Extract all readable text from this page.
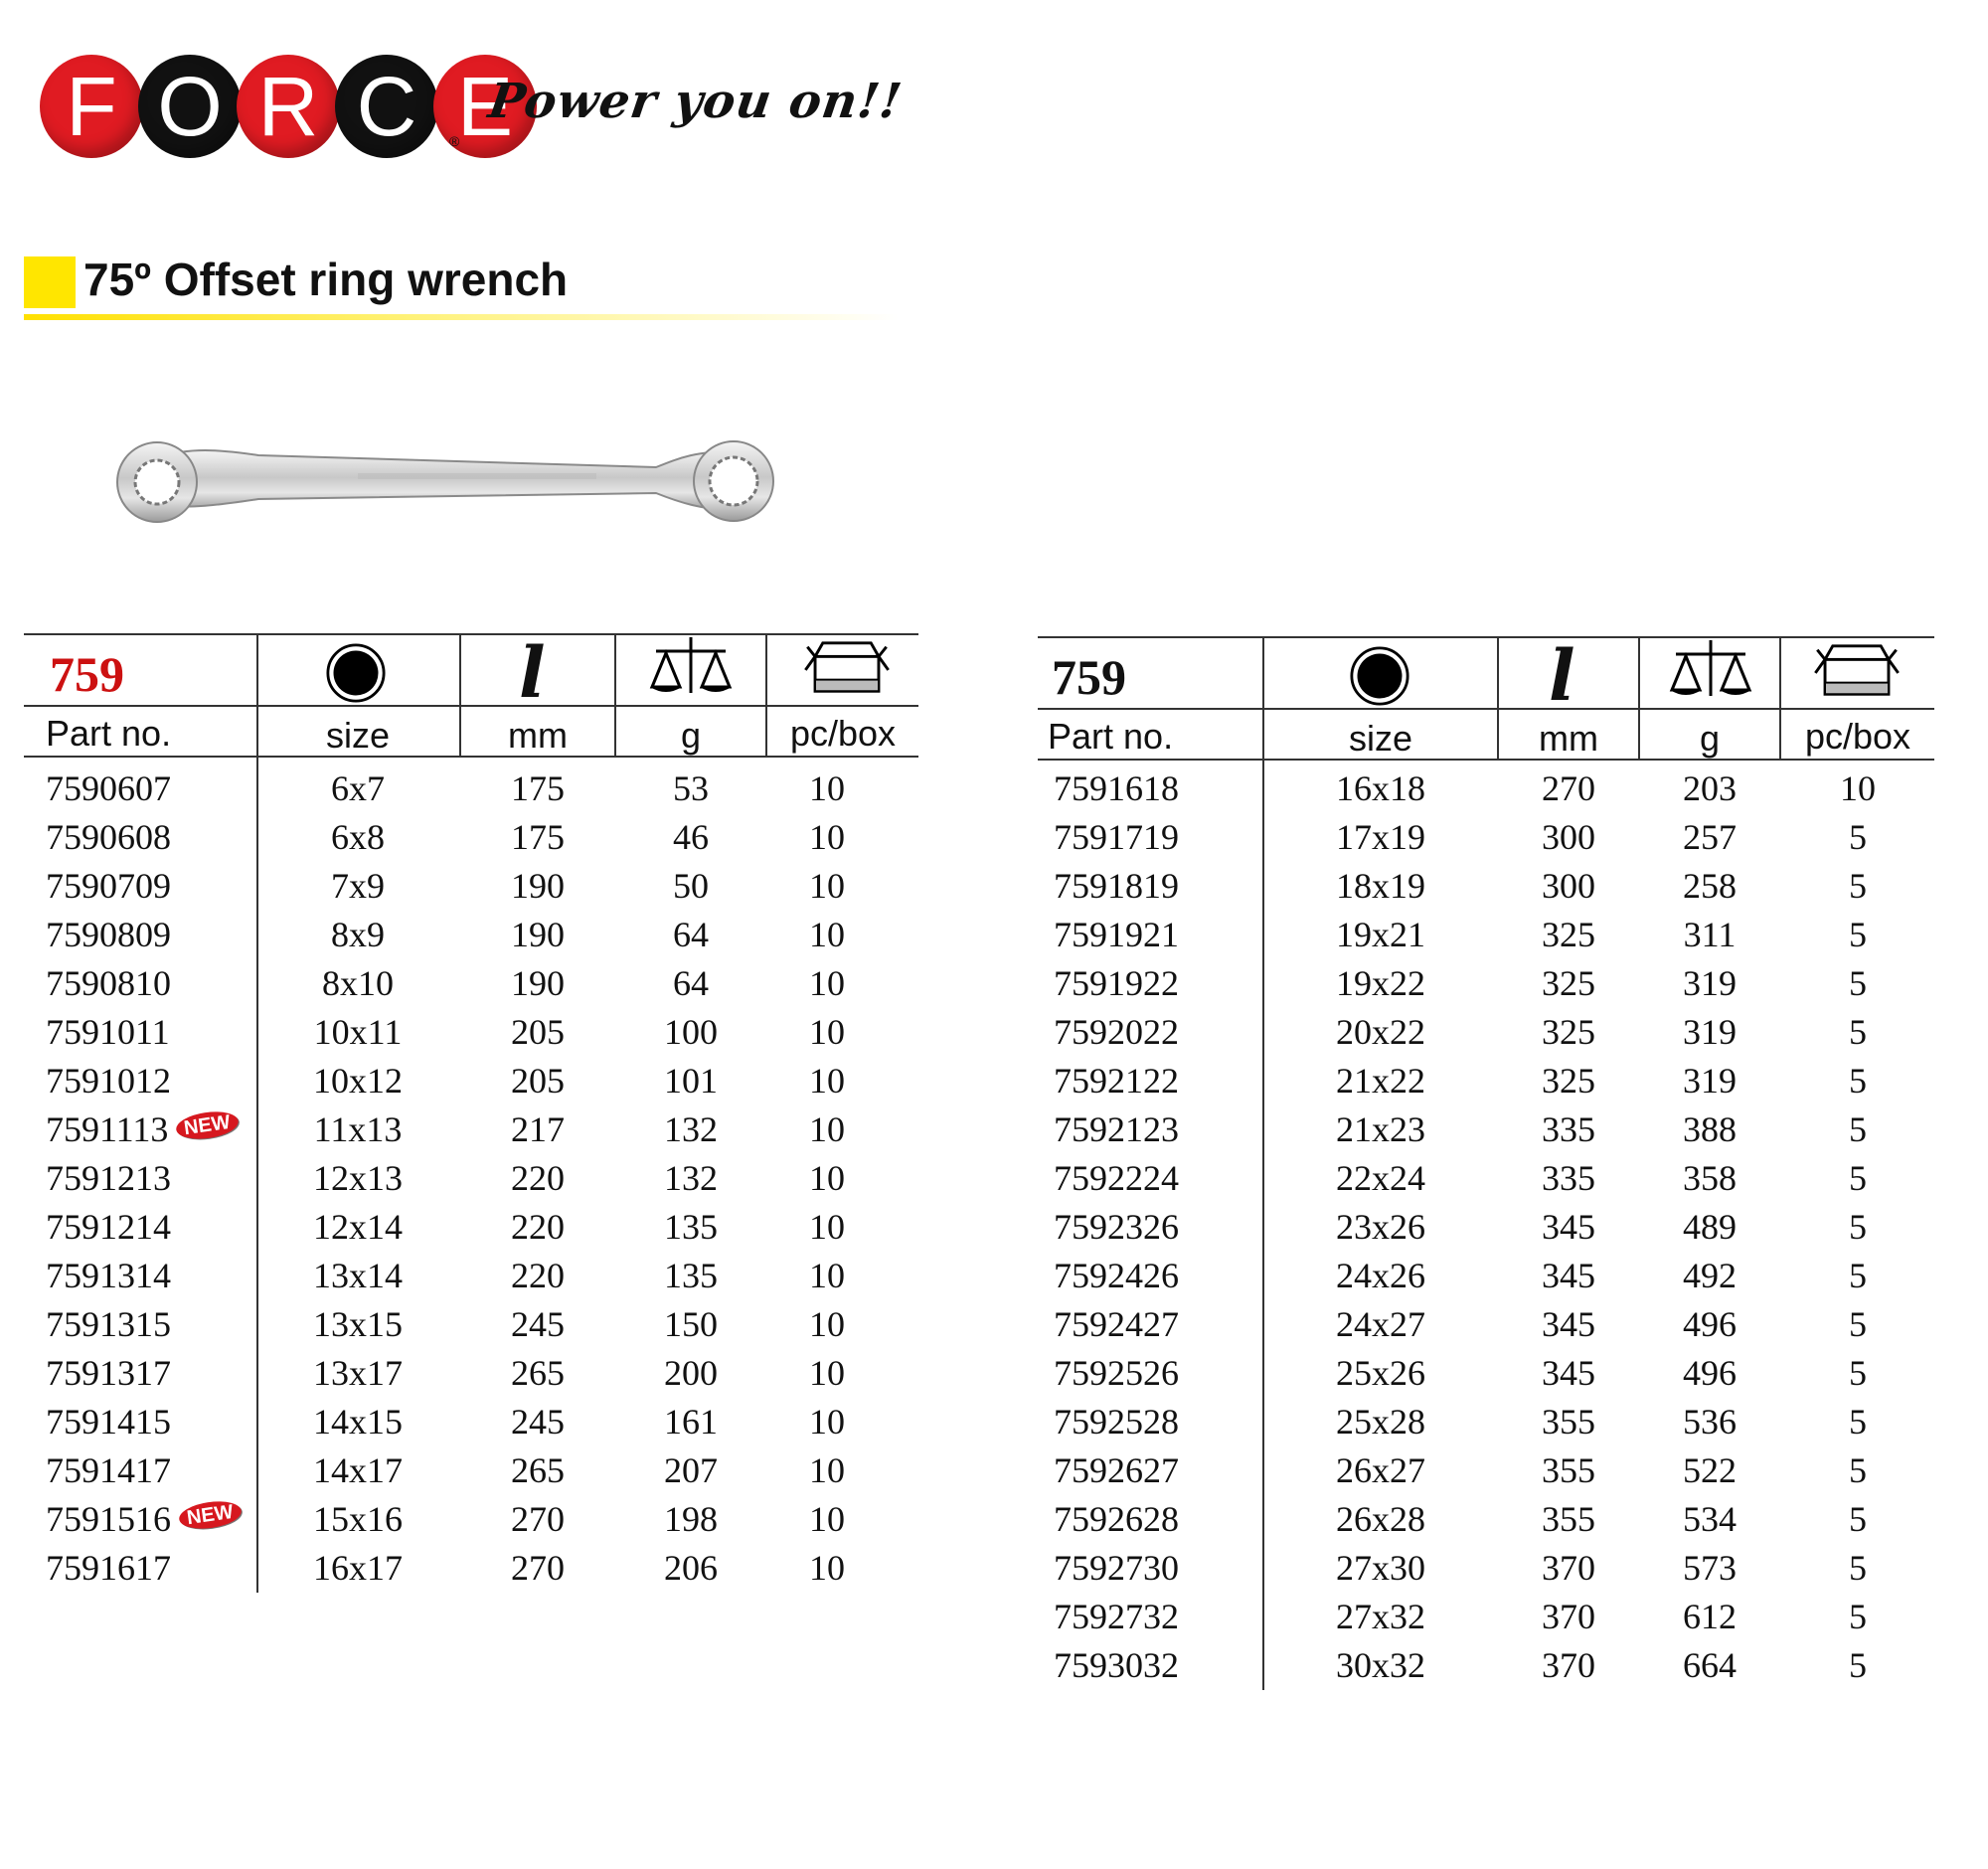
F O R C E
®
Power you on!!
75º Offset ring wrench
759	l
Part no.	size	mm	g	pc/box
7590607	6x7	175	53	10
7590608	6x8	175	46	10
7590709	7x9	190	50	10
7590809	8x9	190	64	10
7590810	8x10	190	64	10
7591011	10x11	205	100	10
7591012	10x12	205	101	10
7591113 NEW	11x13	217	132	10
7591213	12x13	220	132	10
7591214	12x14	220	135	10
7591314	13x14	220	135	10
7591315	13x15	245	150	10
7591317	13x17	265	200	10
7591415	14x15	245	161	10
7591417	14x17	265	207	10
7591516 NEW	15x16	270	198	10
7591617	16x17	270	206	10
759	l
Part no.	size	mm	g	pc/box
7591618	16x18	270	203	10
7591719	17x19	300	257	5
7591819	18x19	300	258	5
7591921	19x21	325	311	5
7591922	19x22	325	319	5
7592022	20x22	325	319	5
7592122	21x22	325	319	5
7592123	21x23	335	388	5
7592224	22x24	335	358	5
7592326	23x26	345	489	5
7592426	24x26	345	492	5
7592427	24x27	345	496	5
7592526	25x26	345	496	5
7592528	25x28	355	536	5
7592627	26x27	355	522	5
7592628	26x28	355	534	5
7592730	27x30	370	573	5
7592732	27x32	370	612	5
7593032	30x32	370	664	5
